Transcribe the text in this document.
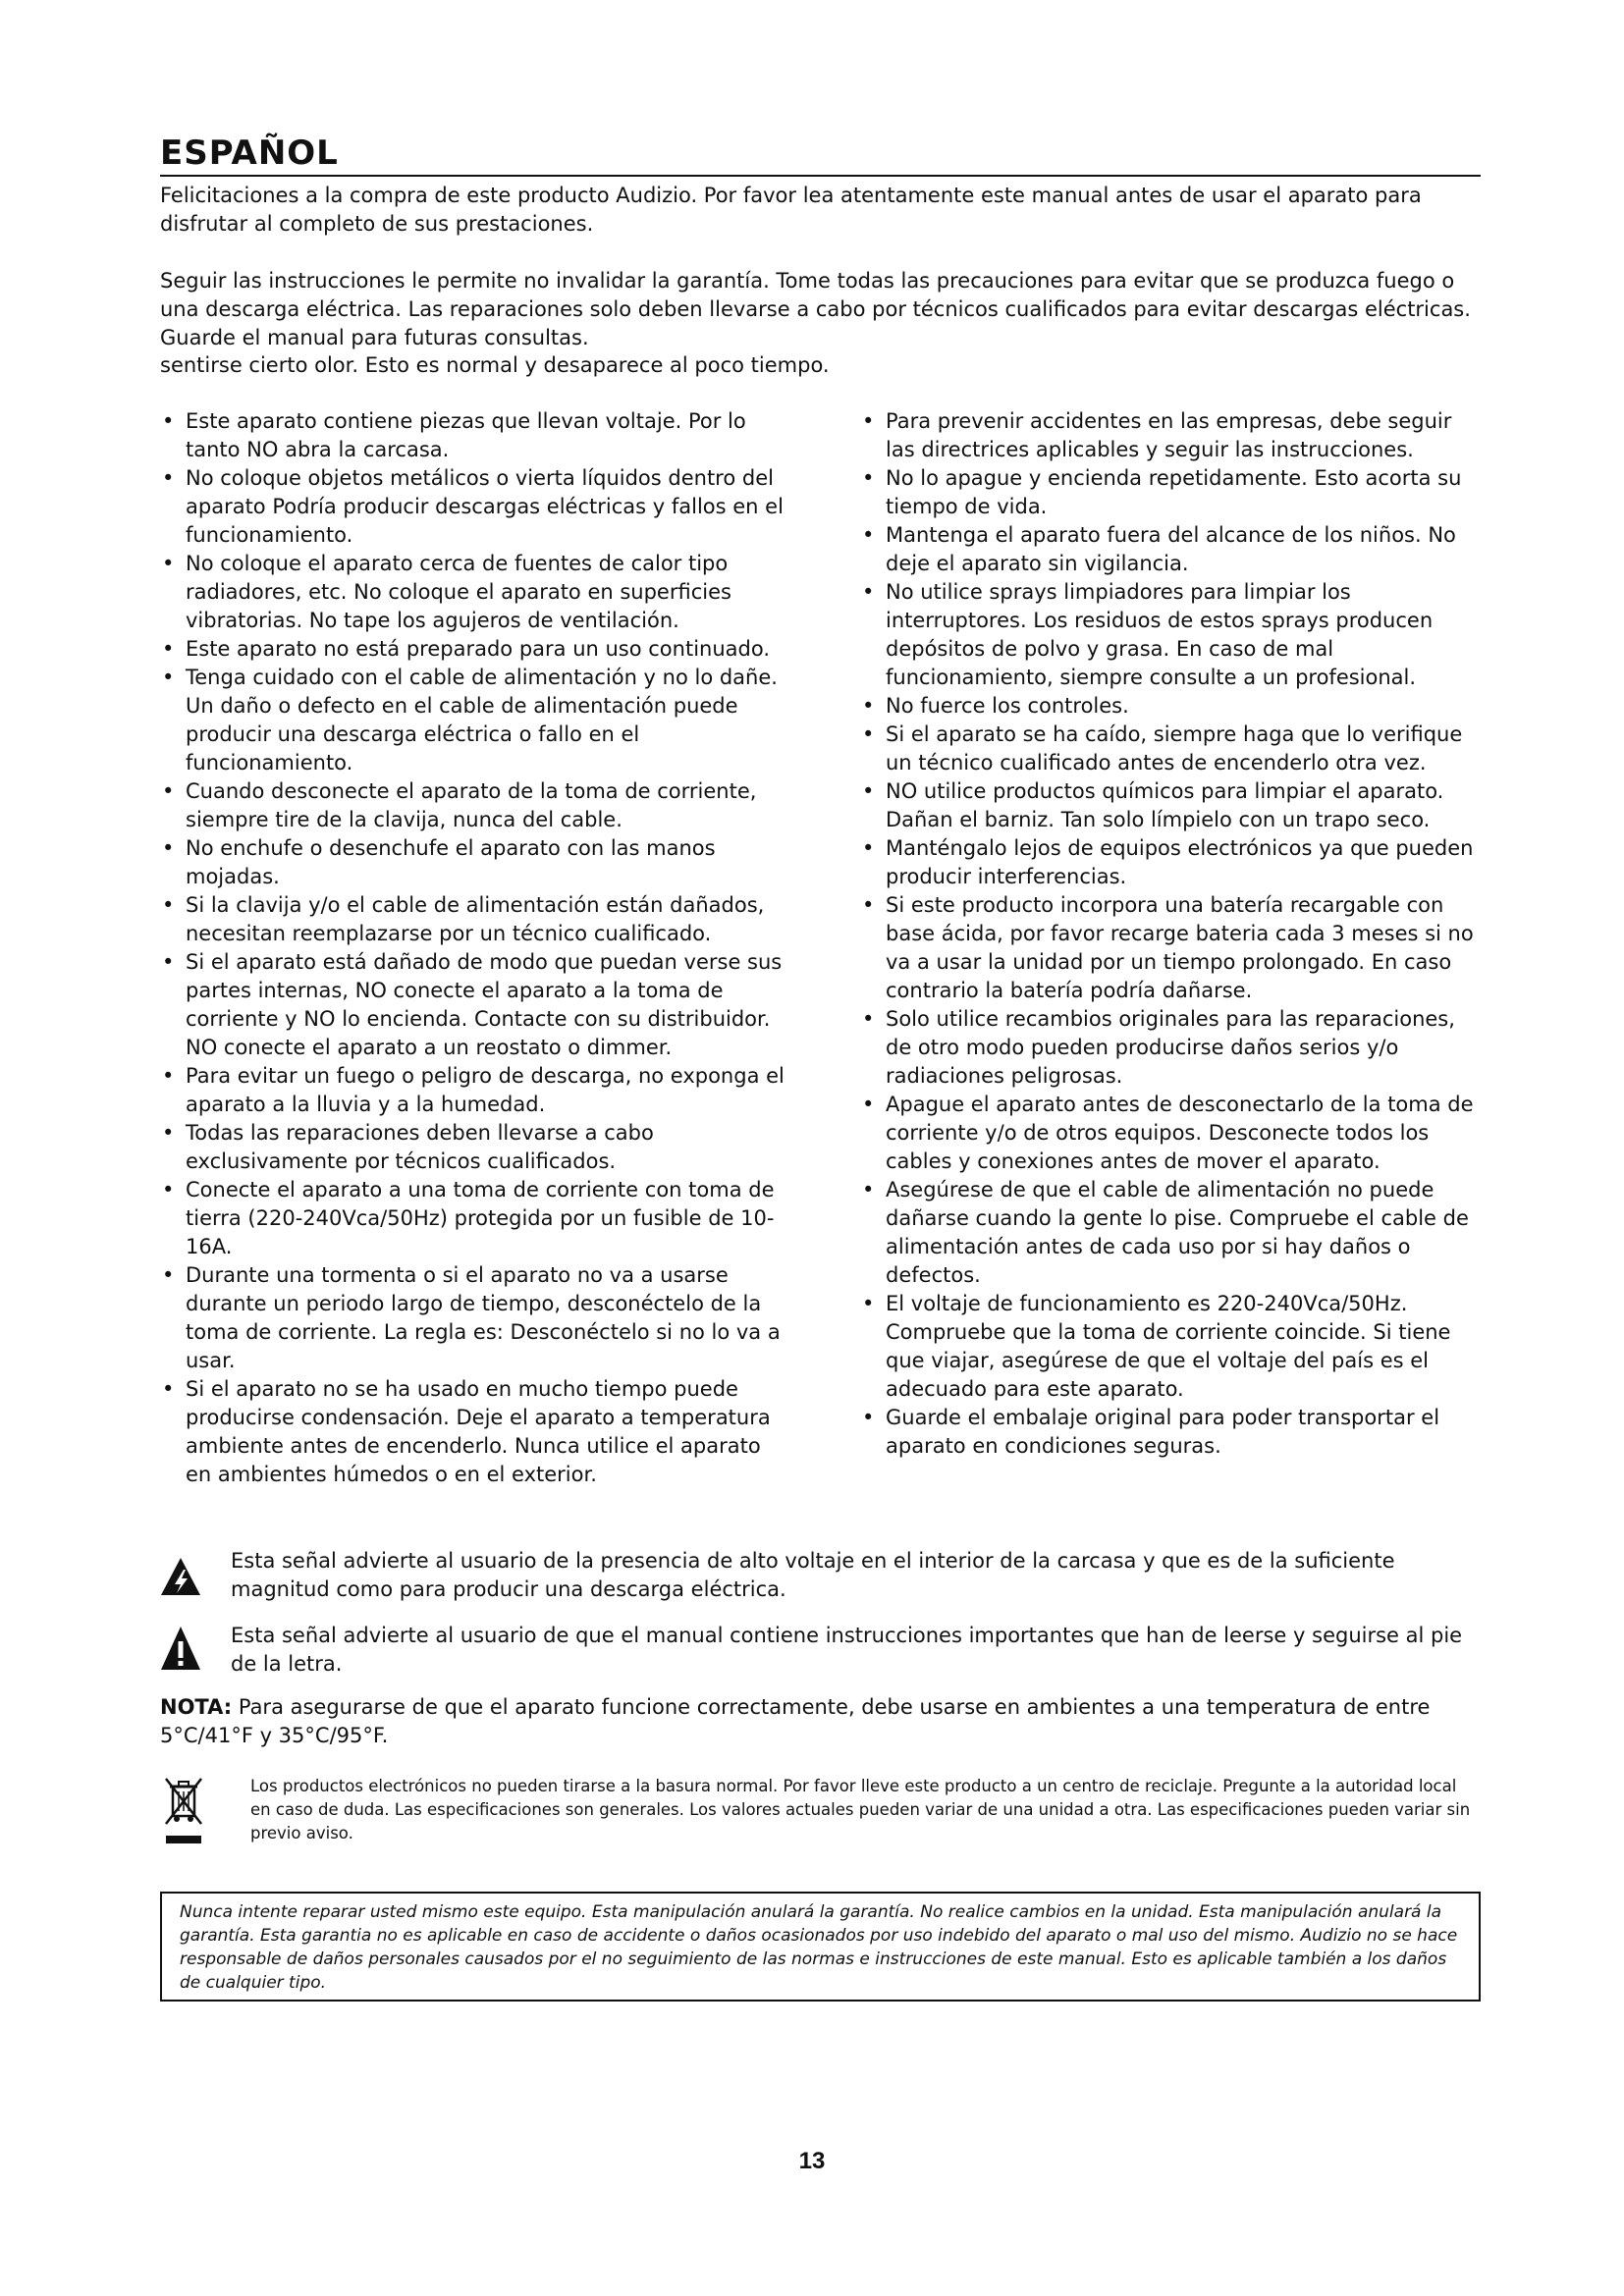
ESPAÑOL

Felicitaciones a la compra de este producto Audizio. Por favor lea atentamente este manual antes de usar el aparato para disfrutar al completo de sus prestaciones.

Seguir las instrucciones le permite no invalidar la garantía. Tome todas las precauciones para evitar que se produzca fuego o una descarga eléctrica. Las reparaciones solo deben llevarse a cabo por técnicos cualificados para evitar descargas eléctricas. Guarde el manual para futuras consultas.

sentirse cierto olor. Esto es normal y desaparece al poco tiempo.

• Este aparato contiene piezas que llevan voltaje. Por lo tanto NO abra la carcasa.
• No coloque objetos metálicos o vierta líquidos dentro del aparato Podría producir descargas eléctricas y fallos en el funcionamiento.
• No coloque el aparato cerca de fuentes de calor tipo radiadores, etc. No coloque el aparato en superficies vibratorias. No tape los agujeros de ventilación.
• Este aparato no está preparado para un uso continuado.
• Tenga cuidado con el cable de alimentación y no lo dañe. Un daño o defecto en el cable de alimentación puede producir una descarga eléctrica o fallo en el funcionamiento.
• Cuando desconecte el aparato de la toma de corriente, siempre tire de la clavija, nunca del cable.
• No enchufe o desenchufe el aparato con las manos mojadas.
• Si la clavija y/o el cable de alimentación están dañados, necesitan reemplazarse por un técnico cualificado.
• Si el aparato está dañado de modo que puedan verse sus partes internas, NO conecte el aparato a la toma de corriente y NO lo encienda. Contacte con su distribuidor. NO conecte el aparato a un reostato o dimmer.
• Para evitar un fuego o peligro de descarga, no exponga el aparato a la lluvia y a la humedad.
• Todas las reparaciones deben llevarse a cabo exclusivamente por técnicos cualificados.
• Conecte el aparato a una toma de corriente con toma de tierra (220-240Vca/50Hz) protegida por un fusible de 10-16A.
• Durante una tormenta o si el aparato no va a usarse durante un periodo largo de tiempo, desconéctelo de la toma de corriente. La regla es: Desconéctelo si no lo va a usar.
• Si el aparato no se ha usado en mucho tiempo puede producirse condensación. Deje el aparato a temperatura ambiente antes de encenderlo. Nunca utilice el aparato en ambientes húmedos o en el exterior.
• Para prevenir accidentes en las empresas, debe seguir las directrices aplicables y seguir las instrucciones.
• No lo apague y encienda repetidamente. Esto acorta su tiempo de vida.
• Mantenga el aparato fuera del alcance de los niños. No deje el aparato sin vigilancia.
• No utilice sprays limpiadores para limpiar los interruptores. Los residuos de estos sprays producen depósitos de polvo y grasa. En caso de mal funcionamiento, siempre consulte a un profesional.
• No fuerce los controles.
• Si el aparato se ha caído, siempre haga que lo verifique un técnico cualificado antes de encenderlo otra vez.
• NO utilice productos químicos para limpiar el aparato. Dañan el barniz. Tan solo límpielo con un trapo seco.
• Manténgalo lejos de equipos electrónicos ya que pueden producir interferencias.
• Si este producto incorpora una batería recargable con base ácida, por favor recarge bateria cada 3 meses si no va a usar la unidad por un tiempo prolongado. En caso contrario la batería podría dañarse.
• Solo utilice recambios originales para las reparaciones, de otro modo pueden producirse daños serios y/o radiaciones peligrosas.
• Apague el aparato antes de desconectarlo de la toma de corriente y/o de otros equipos. Desconecte todos los cables y conexiones antes de mover el aparato.
• Asegúrese de que el cable de alimentación no puede dañarse cuando la gente lo pise. Compruebe el cable de alimentación antes de cada uso por si hay daños o defectos.
• El voltaje de funcionamiento es 220-240Vca/50Hz. Compruebe que la toma de corriente coincide. Si tiene que viajar, asegúrese de que el voltaje del país es el adecuado para este aparato.
• Guarde el embalaje original para poder transportar el aparato en condiciones seguras.
Esta señal advierte al usuario de la presencia de alto voltaje en el interior de la carcasa y que es de la suficiente magnitud como para producir una descarga eléctrica.
Esta señal advierte al usuario de que el manual contiene instrucciones importantes que han de leerse y seguirse al pie de la letra.
NOTA: Para asegurarse de que el aparato funcione correctamente, debe usarse en ambientes a una temperatura de entre 5°C/41°F y 35°C/95°F.
Los productos electrónicos no pueden tirarse a la basura normal. Por favor lleve este producto a un centro de reciclaje. Pregunte a la autoridad local en caso de duda. Las especificaciones son generales. Los valores actuales pueden variar de una unidad a otra. Las especificaciones pueden variar sin previo aviso.
Nunca intente reparar usted mismo este equipo. Esta manipulación anulará la garantía. No realice cambios en la unidad. Esta manipulación anulará la garantía. Esta garantia no es aplicable en caso de accidente o daños ocasionados por uso indebido del aparato o mal uso del mismo. Audizio no se hace responsable de daños personales causados por el no seguimiento de las normas e instrucciones de este manual. Esto es aplicable también a los daños de cualquier tipo.
13
